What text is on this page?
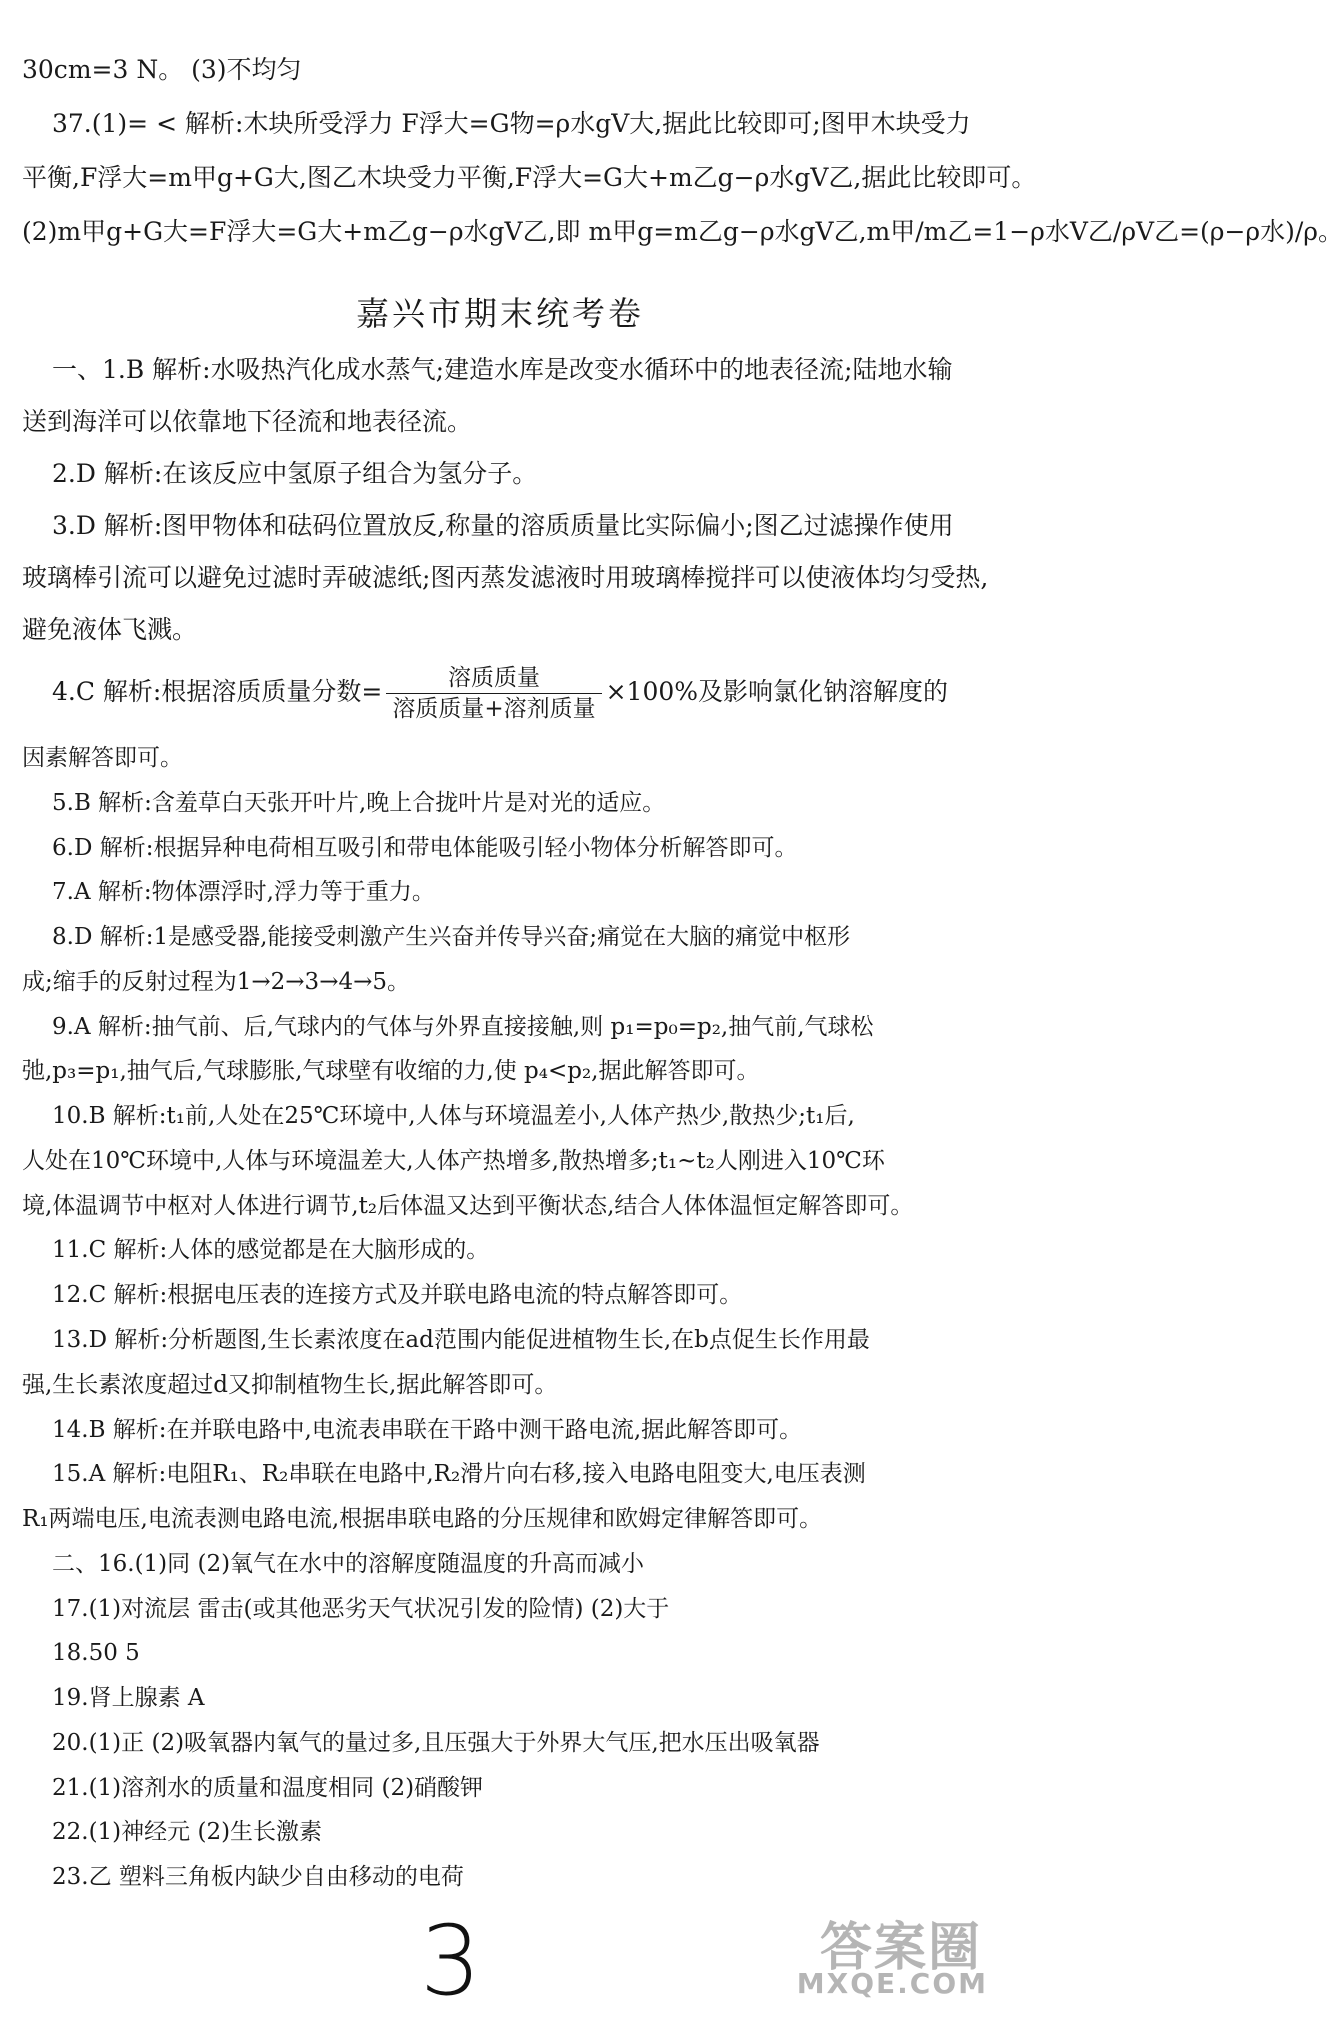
30cm=3 N。 (3)不均匀
37.(1)= < 解析:木块所受浮力 F浮大=G物=ρ水gV大,据此比较即可;图甲木块受力
平衡,F浮大=m甲g+G大,图乙木块受力平衡,F浮大=G大+m乙g−ρ水gV乙,据此比较即可。
(2)m甲g+G大=F浮大=G大+m乙g−ρ水gV乙,即 m甲g=m乙g−ρ水gV乙,m甲/m乙=1−ρ水V乙/ρV乙=(ρ−ρ水)/ρ。
嘉兴市期末统考卷
一、1.B 解析:水吸热汽化成水蒸气;建造水库是改变水循环中的地表径流;陆地水输
送到海洋可以依靠地下径流和地表径流。
2.D 解析:在该反应中氢原子组合为氢分子。
3.D 解析:图甲物体和砝码位置放反,称量的溶质质量比实际偏小;图乙过滤操作使用
玻璃棒引流可以避免过滤时弄破滤纸;图丙蒸发滤液时用玻璃棒搅拌可以使液体均匀受热,
避免液体飞溅。
4.C 解析:根据溶质质量分数= $\frac{\text{溶质质量}}{\text{溶质质量+溶剂质量}} \times 100\%$及影响氯化钠溶解度的
因素解答即可。
5.B 解析:含羞草白天张开叶片,晚上合拢叶片是对光的适应。
6.D 解析:根据异种电荷相互吸引和带电体能吸引轻小物体分析解答即可。
7.A 解析:物体漂浮时,浮力等于重力。
8.D 解析:1是感受器,能接受刺激产生兴奋并传导兴奋;痛觉在大脑的痛觉中枢形
成;缩手的反射过程为1→2→3→4→5。
9.A 解析:抽气前、后,气球内的气体与外界直接接触,则 p₁=p₀=p₂,抽气前,气球松
弛,p₃=p₁,抽气后,气球膨胀,气球壁有收缩的力,使 p₄<p₂,据此解答即可。
10.B 解析:t₁前,人处在25℃环境中,人体与环境温差小,人体产热少,散热少;t₁后,
人处在10℃环境中,人体与环境温差大,人体产热增多,散热增多;t₁~t₂人刚进入10℃环
境,体温调节中枢对人体进行调节,t₂后体温又达到平衡状态,结合人体体温恒定解答即可。
11.C 解析:人体的感觉都是在大脑形成的。
12.C 解析:根据电压表的连接方式及并联电路电流的特点解答即可。
13.D 解析:分析题图,生长素浓度在ad范围内能促进植物生长,在b点促生长作用最
强,生长素浓度超过d又抑制植物生长,据此解答即可。
14.B 解析:在并联电路中,电流表串联在干路中测干路电流,据此解答即可。
15.A 解析:电阻R₁、R₂串联在电路中,R₂滑片向右移,接入电路电阻变大,电压表测
R₁两端电压,电流表测电路电流,根据串联电路的分压规律和欧姆定律解答即可。
二、16.(1)同 (2)氧气在水中的溶解度随温度的升高而减小
17.(1)对流层 雷击(或其他恶劣天气状况引发的险情) (2)大于
18.50 5
19.肾上腺素 A
20.(1)正 (2)吸氧器内氧气的量过多,且压强大于外界大气压,把水压出吸氧器
21.(1)溶剂水的质量和温度相同 (2)硝酸钾
22.(1)神经元 (2)生长激素
23.乙 塑料三角板内缺少自由移动的电荷
3	答案圈
MXQE.COM
